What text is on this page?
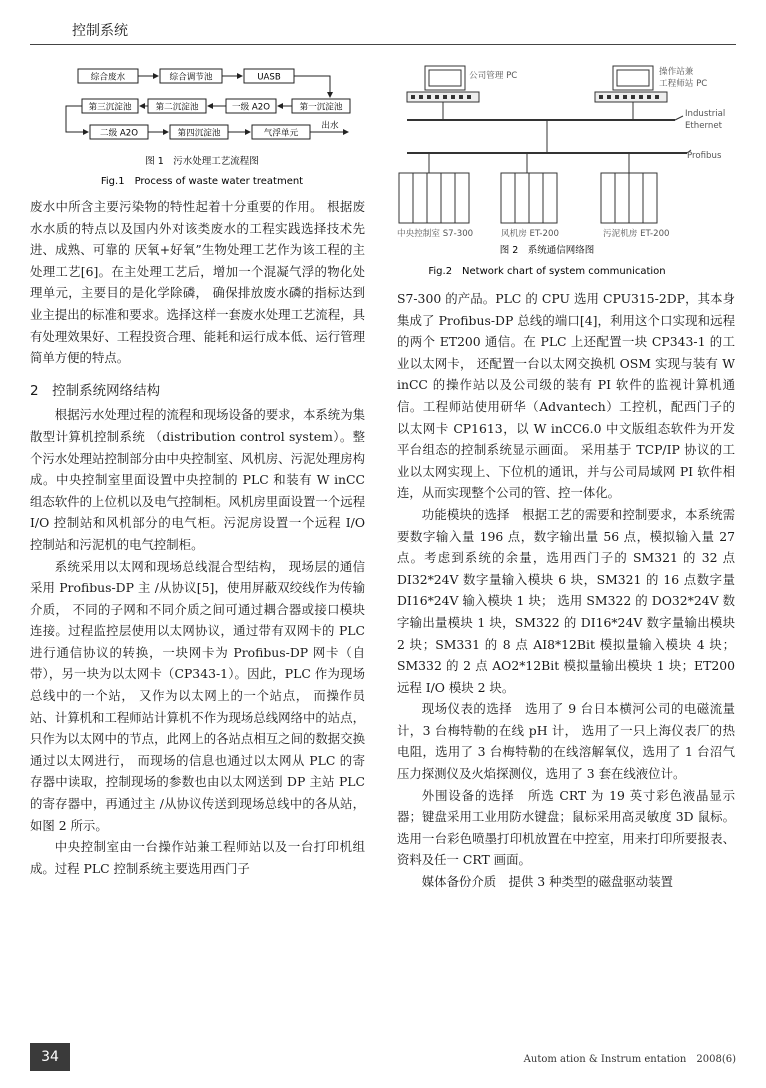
控制系统
综合废水	综合调节池	UASB
第三沉淀池	第二沉淀池	一级 A2O	第一沉淀池
二级 A2O	第四沉淀池	气浮单元
出水
图 1　污水处理工艺流程图
Fig.1　Process of waste water treatment
公司管理 PC	操作站兼
工程师站 PC
Industrial
Ethernet
Profibus
中央控制室 S7-300	风机房 ET-200	污泥机房 ET-200
图 2　系统通信网络图
Fig.2　Network chart of system communication

废水中所含主要污染物的特性起着十分重要的作用。 根据废水水质的特点以及国内外对该类废水的工程实践选择技术先进、成熟、可靠的 厌氧+好氧”生物处理工艺作为该工程的主处理工艺[6]。在主处理工艺后，增加一个混凝气浮的物化处理单元，主要目的是化学除磷， 确保排放废水磷的指标达到业主提出的标准和要求。选择这样一套废水处理工艺流程，具有处理效果好、工程投资合理、能耗和运行成本低、运行管理简单方便的特点。

2　控制系统网络结构

根据污水处理过程的流程和现场设备的要求，本系统为集散型计算机控制系统 （distribution control system）。整个污水处理站控制部分由中央控制室、风机房、污泥处理房构成。中央控制室里面设置中央控制的 PLC 和装有 W inCC 组态软件的上位机以及电气控制柜。风机房里面设置一个远程 I/O 控制站和风机部分的电气柜。污泥房设置一个远程 I/O 控制站和污泥机的电气控制柜。

系统采用以太网和现场总线混合型结构， 现场层的通信采用 Profibus-DP 主 /从协议[5]，使用屏蔽双绞线作为传输介质， 不同的子网和不同介质之间可通过耦合器或接口模块连接。过程监控层使用以太网协议，通过带有双网卡的 PLC 进行通信协议的转换，一块网卡为 Profibus-DP 网卡（自带），另一块为以太网卡（CP343-1）。因此，PLC 作为现场总线中的一个站， 又作为以太网上的一个站点， 而操作员站、计算机和工程师站计算机不作为现场总线网络中的站点，只作为以太网中的节点，此网上的各站点相互之间的数据交换通过以太网进行， 而现场的信息也通过以太网从 PLC 的寄存器中读取，控制现场的参数也由以太网送到 DP 主站 PLC 的寄存器中，再通过主 /从协议传送到现场总线中的各从站，如图 2 所示。

中央控制室由一台操作站兼工程师站以及一台打印机组成。过程 PLC 控制系统主要选用西门子

S7-300 的产品。PLC 的 CPU 选用 CPU315-2DP，其本身集成了 Profibus-DP 总线的端口[4]，利用这个口实现和远程的两个 ET200 通信。在 PLC 上还配置一块 CP343-1 的工业以太网卡， 还配置一台以太网交换机 OSM 实现与装有 W inCC 的操作站以及公司级的装有 PI 软件的监视计算机通信。工程师站使用研华（Advantech）工控机，配西门子的以太网卡 CP1613，以 W inCC6.0 中文版组态软件为开发平台组态的控制系统显示画面。 采用基于 TCP/IP 协议的工业以太网实现上、下位机的通讯，并与公司局域网 PI 软件相连，从而实现整个公司的管、控一体化。

功能模块的选择　根据工艺的需要和控制要求，本系统需要数字输入量 196 点，数字输出量 56 点，模拟输入量 27 点。考虑到系统的余量，选用西门子的 SM321 的 32 点 DI32*24V 数字量输入模块 6 块，SM321 的 16 点数字量 DI16*24V 输入模块 1 块； 选用 SM322 的 DO32*24V 数字输出量模块 1 块，SM322 的 DI16*24V 数字量输出模块 2 块；SM331 的 8 点 AI8*12Bit 模拟量输入模块 4 块；SM332 的 2 点 AO2*12Bit 模拟量输出模块 1 块；ET200 远程 I/O 模块 2 块。

现场仪表的选择　选用了 9 台日本横河公司的电磁流量计，3 台梅特勒的在线 pH 计， 选用了一只上海仪表厂的热电阻，选用了 3 台梅特勒的在线溶解氧仪，选用了 1 台沼气压力探测仪及火焰探测仪，选用了 3 套在线液位计。

外围设备的选择　所选 CRT 为 19 英寸彩色液晶显示器；键盘采用工业用防水键盘；鼠标采用高灵敏度 3D 鼠标。选用一台彩色喷墨打印机放置在中控室，用来打印所要报表、资料及任一 CRT 画面。

媒体备份介质　提供 3 种类型的磁盘驱动装置

34	Autom ation & Instrum entation　2008(6)
